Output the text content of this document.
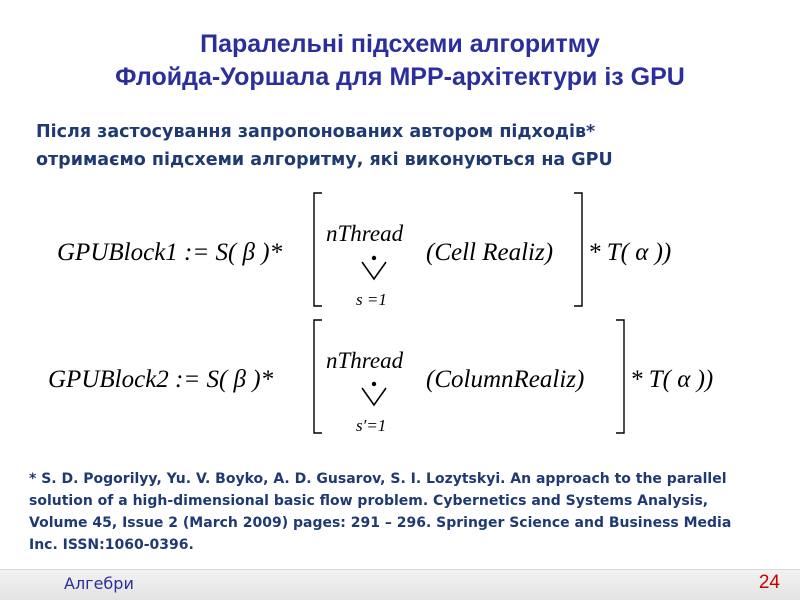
Паралельні підсхеми алгоритму
Флойда-Уоршала для МРР-архітектури із GPU
Після застосування запропонованих автором підходів*
отримаємо підсхеми алгоритму, які виконуються на GPU
GPUBlock1 := S( β )*
nThread
s =1
(Cell Realiz) * T( α ))
GPUBlock2 := S( β )*
nThread
s′=1
(ColumnRealiz) * T( α ))
* S. D. Pogorilyy, Yu. V. Boyko, A. D. Gusarov, S. I. Lozytskyi. An approach to the parallel
solution of a high-dimensional basic flow problem. Cybernetics and Systems Analysis,
Volume 45, Issue 2 (March 2009) pages: 291 – 296. Springer Science and Business Media
Inc. ISSN:1060-0396.
Алгебри	24
